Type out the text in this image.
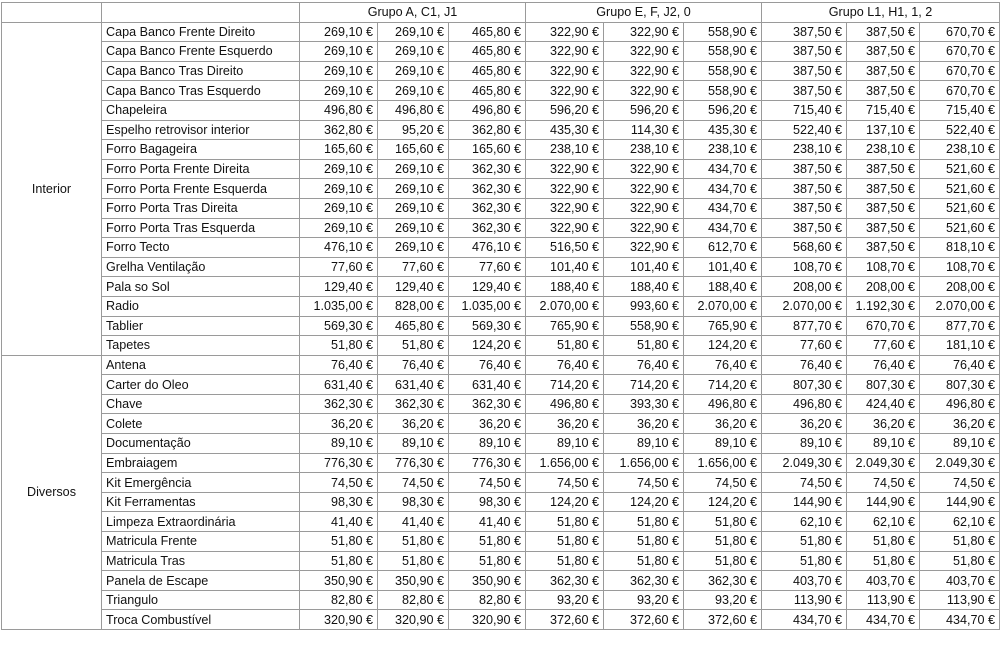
		Grupo A, C1, J1			Grupo E, F, J2, 0			Grupo L1, H1, 1, 2		
Interior	Capa Banco Frente Direito	269,10 €	269,10 €	465,80 €	322,90 €	322,90 €	558,90 €	387,50 €	387,50 €	670,70 €
	Capa Banco Frente Esquerdo	269,10 €	269,10 €	465,80 €	322,90 €	322,90 €	558,90 €	387,50 €	387,50 €	670,70 €
	Capa Banco Tras Direito	269,10 €	269,10 €	465,80 €	322,90 €	322,90 €	558,90 €	387,50 €	387,50 €	670,70 €
	Capa Banco Tras Esquerdo	269,10 €	269,10 €	465,80 €	322,90 €	322,90 €	558,90 €	387,50 €	387,50 €	670,70 €
	Chapeleira	496,80 €	496,80 €	496,80 €	596,20 €	596,20 €	596,20 €	715,40 €	715,40 €	715,40 €
	Espelho retrovisor interior	362,80 €	95,20 €	362,80 €	435,30 €	114,30 €	435,30 €	522,40 €	137,10 €	522,40 €
	Forro Bagageira	165,60 €	165,60 €	165,60 €	238,10 €	238,10 €	238,10 €	238,10 €	238,10 €	238,10 €
	Forro Porta Frente Direita	269,10 €	269,10 €	362,30 €	322,90 €	322,90 €	434,70 €	387,50 €	387,50 €	521,60 €
	Forro Porta Frente Esquerda	269,10 €	269,10 €	362,30 €	322,90 €	322,90 €	434,70 €	387,50 €	387,50 €	521,60 €
	Forro Porta Tras Direita	269,10 €	269,10 €	362,30 €	322,90 €	322,90 €	434,70 €	387,50 €	387,50 €	521,60 €
	Forro Porta Tras Esquerda	269,10 €	269,10 €	362,30 €	322,90 €	322,90 €	434,70 €	387,50 €	387,50 €	521,60 €
	Forro Tecto	476,10 €	269,10 €	476,10 €	516,50 €	322,90 €	612,70 €	568,60 €	387,50 €	818,10 €
	Grelha Ventilação	77,60 €	77,60 €	77,60 €	101,40 €	101,40 €	101,40 €	108,70 €	108,70 €	108,70 €
	Pala so Sol	129,40 €	129,40 €	129,40 €	188,40 €	188,40 €	188,40 €	208,00 €	208,00 €	208,00 €
	Radio	1.035,00 €	828,00 €	1.035,00 €	2.070,00 €	993,60 €	2.070,00 €	2.070,00 €	1.192,30 €	2.070,00 €
	Tablier	569,30 €	465,80 €	569,30 €	765,90 €	558,90 €	765,90 €	877,70 €	670,70 €	877,70 €
	Tapetes	51,80 €	51,80 €	124,20 €	51,80 €	51,80 €	124,20 €	77,60 €	77,60 €	181,10 €
Diversos	Antena	76,40 €	76,40 €	76,40 €	76,40 €	76,40 €	76,40 €	76,40 €	76,40 €	76,40 €
	Carter do Oleo	631,40 €	631,40 €	631,40 €	714,20 €	714,20 €	714,20 €	807,30 €	807,30 €	807,30 €
	Chave	362,30 €	362,30 €	362,30 €	496,80 €	393,30 €	496,80 €	496,80 €	424,40 €	496,80 €
	Colete	36,20 €	36,20 €	36,20 €	36,20 €	36,20 €	36,20 €	36,20 €	36,20 €	36,20 €
	Documentação	89,10 €	89,10 €	89,10 €	89,10 €	89,10 €	89,10 €	89,10 €	89,10 €	89,10 €
	Embraiagem	776,30 €	776,30 €	776,30 €	1.656,00 €	1.656,00 €	1.656,00 €	2.049,30 €	2.049,30 €	2.049,30 €
	Kit Emergência	74,50 €	74,50 €	74,50 €	74,50 €	74,50 €	74,50 €	74,50 €	74,50 €	74,50 €
	Kit Ferramentas	98,30 €	98,30 €	98,30 €	124,20 €	124,20 €	124,20 €	144,90 €	144,90 €	144,90 €
	Limpeza Extraordinária	41,40 €	41,40 €	41,40 €	51,80 €	51,80 €	51,80 €	62,10 €	62,10 €	62,10 €
	Matricula Frente	51,80 €	51,80 €	51,80 €	51,80 €	51,80 €	51,80 €	51,80 €	51,80 €	51,80 €
	Matricula Tras	51,80 €	51,80 €	51,80 €	51,80 €	51,80 €	51,80 €	51,80 €	51,80 €	51,80 €
	Panela de Escape	350,90 €	350,90 €	350,90 €	362,30 €	362,30 €	362,30 €	403,70 €	403,70 €	403,70 €
	Triangulo	82,80 €	82,80 €	82,80 €	93,20 €	93,20 €	93,20 €	113,90 €	113,90 €	113,90 €
	Troca Combustível	320,90 €	320,90 €	320,90 €	372,60 €	372,60 €	372,60 €	434,70 €	434,70 €	434,70 €
